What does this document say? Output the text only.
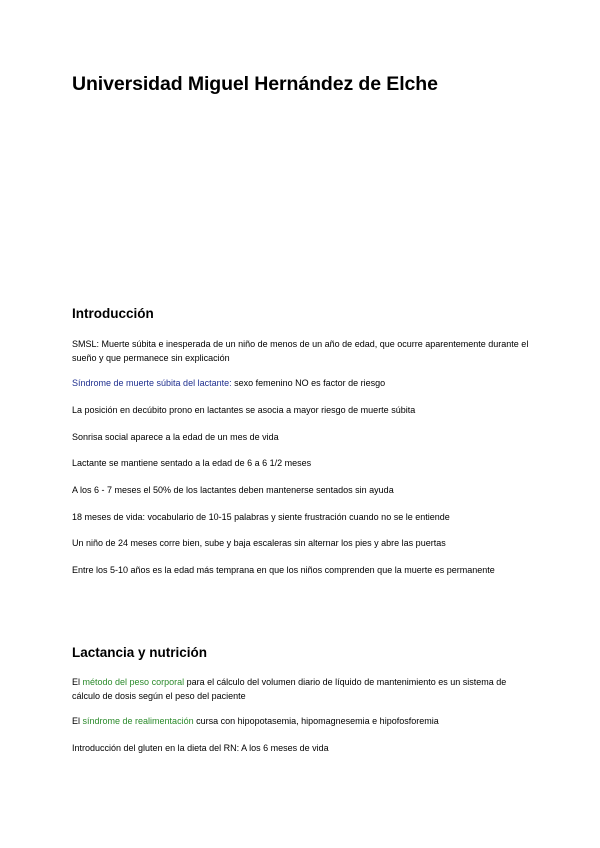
Universidad Miguel Hernández de Elche
Introducción

SMSL: Muerte súbita e inesperada de un niño de menos de un año de edad, que ocurre aparentemente durante el sueño y que permanece sin explicación

Síndrome de muerte súbita del lactante: sexo femenino NO es factor de riesgo

La posición en decúbito prono en lactantes se asocia a mayor riesgo de muerte súbita

Sonrisa social aparece a la edad de un mes de vida

Lactante se mantiene sentado a la edad de 6 a 6 1/2 meses

A los 6 - 7 meses el 50% de los lactantes deben mantenerse sentados sin ayuda

18 meses de vida: vocabulario de 10-15 palabras y siente frustración cuando no se le entiende

Un niño de 24 meses corre bien, sube y baja escaleras sin alternar los pies y abre las puertas

Entre los 5-10 años es la edad más temprana en que los niños comprenden que la muerte es permanente

Lactancia y nutrición

El método del peso corporal para el cálculo del volumen diario de líquido de mantenimiento es un sistema de cálculo de dosis según el peso del paciente

El síndrome de realimentación cursa con hipopotasemia, hipomagnesemia e hipofosforemia

Introducción del gluten en la dieta del RN: A los 6 meses de vida
